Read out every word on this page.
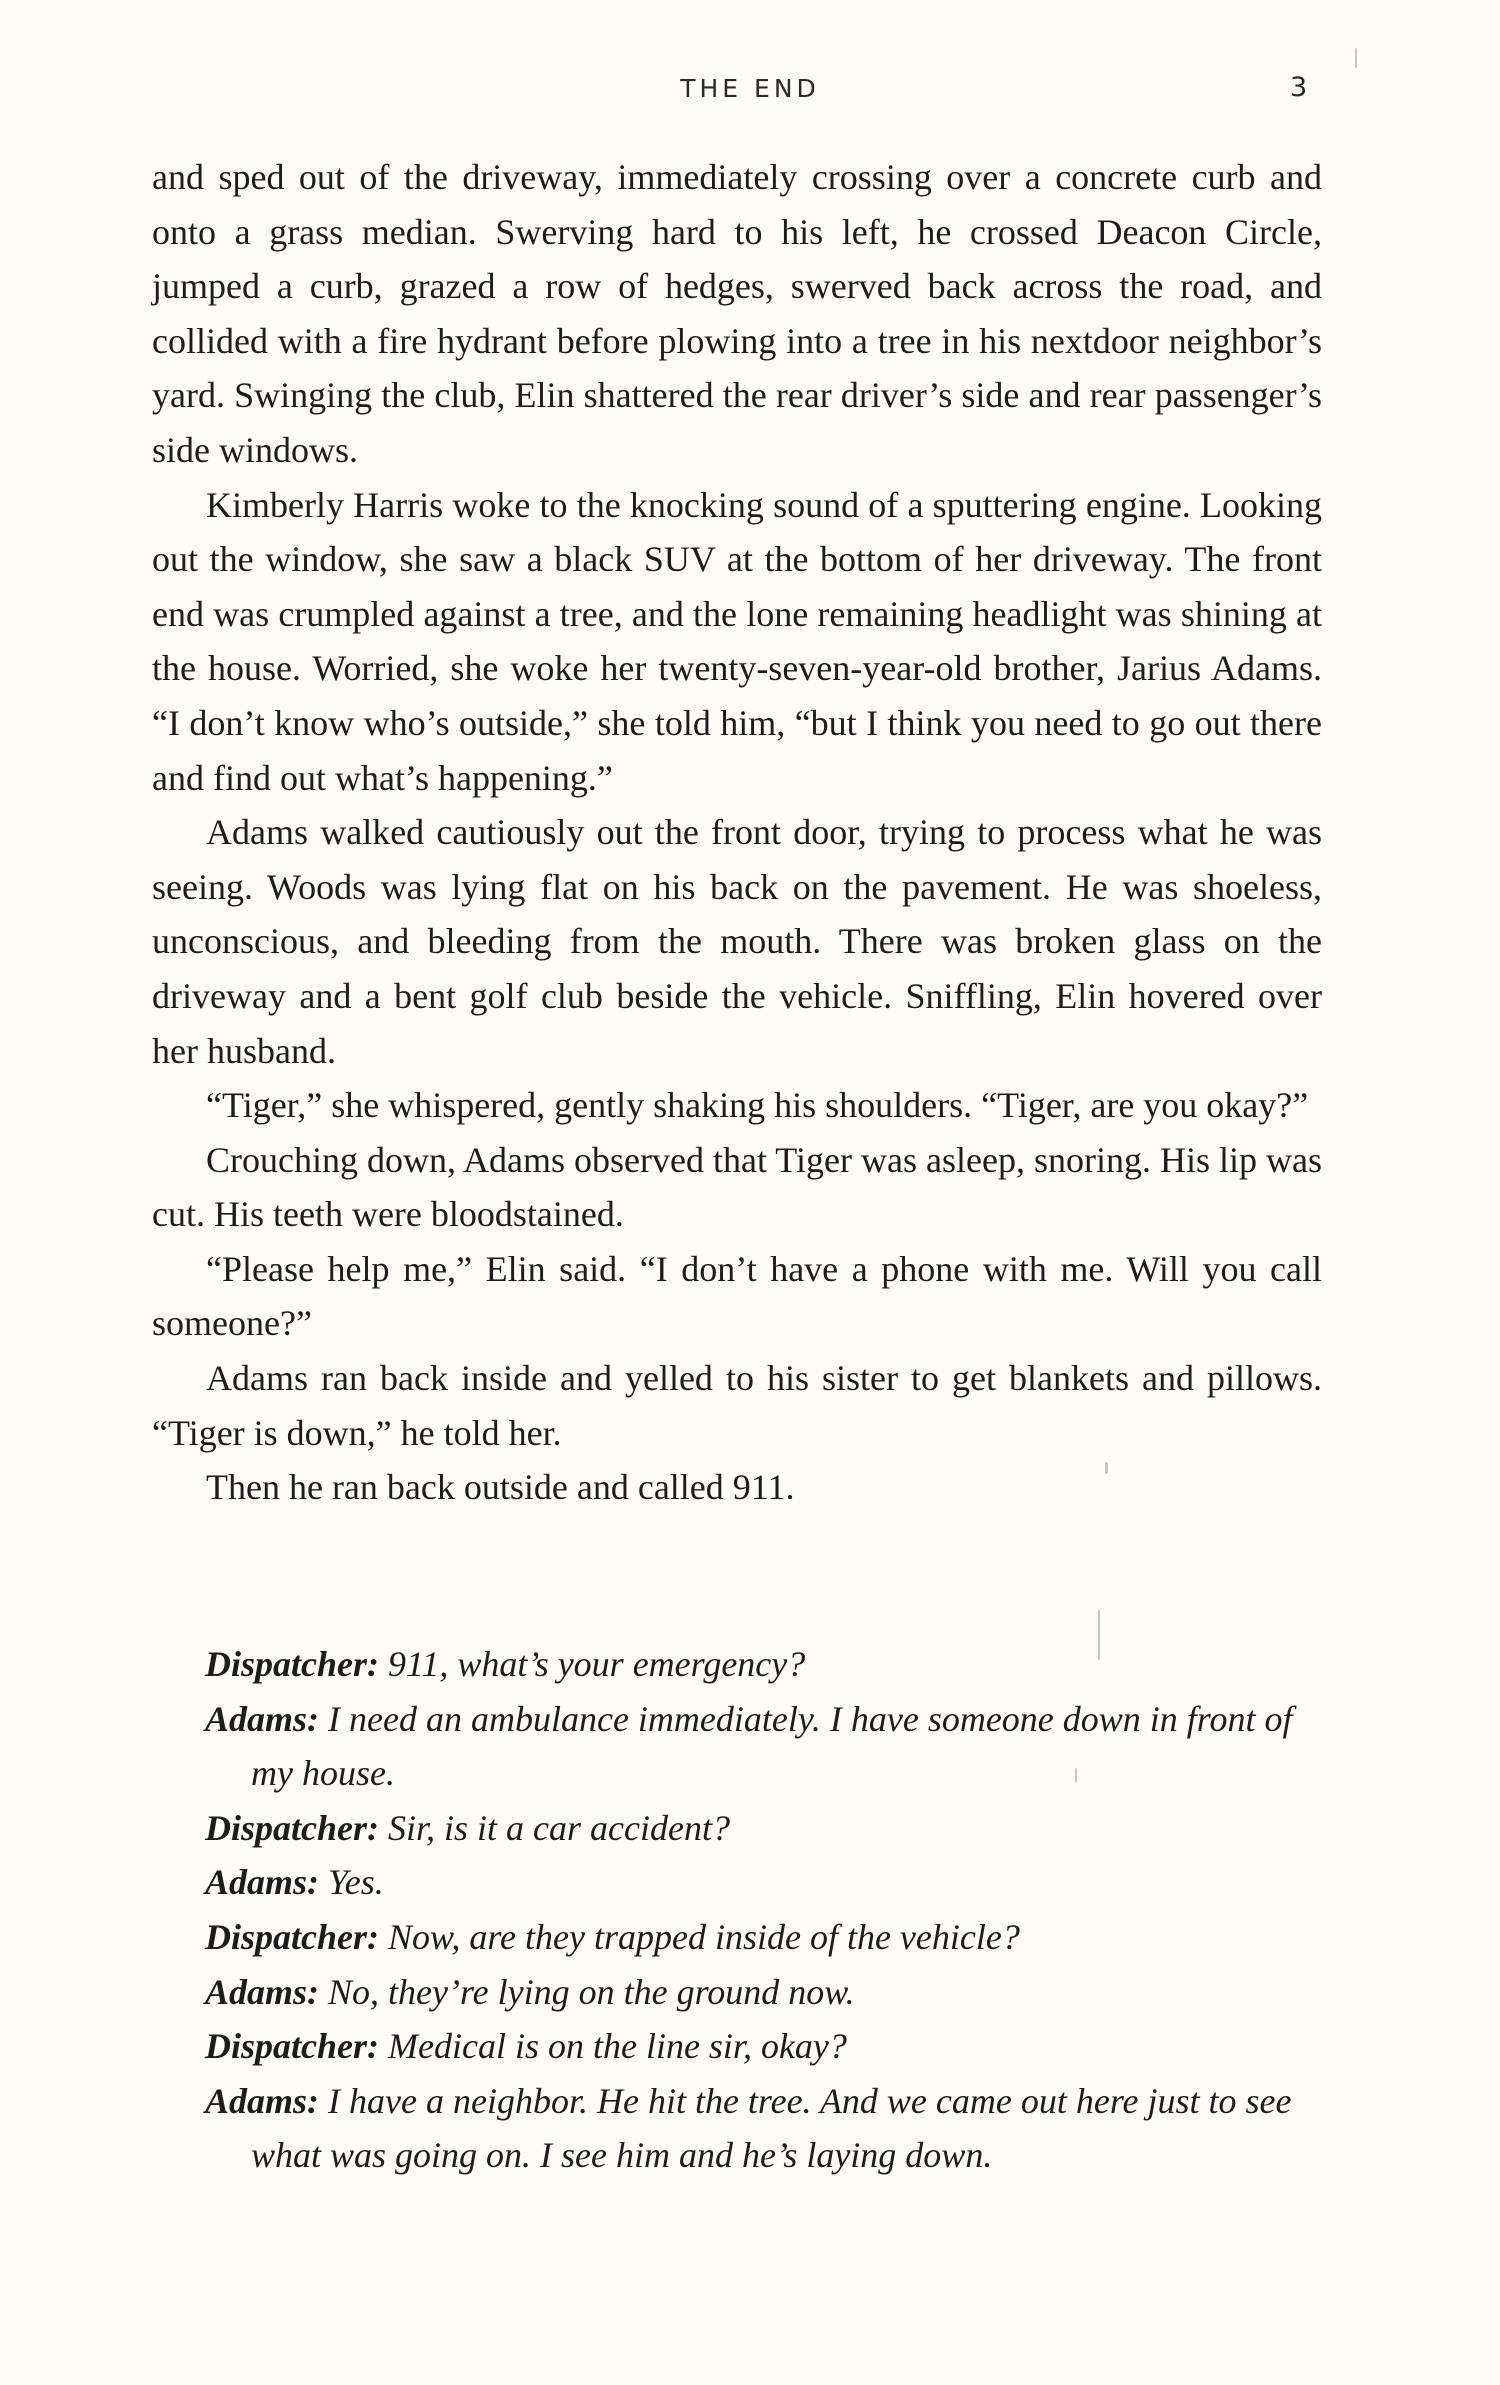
THE END	3

and sped out of the driveway, immediately crossing over a concrete curb and onto a grass median. Swerving hard to his left, he crossed Deacon Circle, jumped a curb, grazed a row of hedges, swerved back across the road, and collided with a fire hydrant before plowing into a tree in his nextdoor neighbor’s yard. Swinging the club, Elin shattered the rear driver’s side and rear passenger’s side windows.

Kimberly Harris woke to the knocking sound of a sputtering engine. Looking out the window, she saw a black SUV at the bottom of her driveway. The front end was crumpled against a tree, and the lone remaining headlight was shining at the house. Worried, she woke her twenty-seven-year-old brother, Jarius Adams. “I don’t know who’s outside,” she told him, “but I think you need to go out there and find out what’s happening.”

Adams walked cautiously out the front door, trying to process what he was seeing. Woods was lying flat on his back on the pavement. He was shoeless, unconscious, and bleeding from the mouth. There was broken glass on the driveway and a bent golf club beside the vehicle. Sniffling, Elin hovered over her husband.

“Tiger,” she whispered, gently shaking his shoulders. “Tiger, are you okay?”

Crouching down, Adams observed that Tiger was asleep, snoring. His lip was cut. His teeth were bloodstained.

“Please help me,” Elin said. “I don’t have a phone with me. Will you call someone?”

Adams ran back inside and yelled to his sister to get blankets and pillows. “Tiger is down,” he told her.

Then he ran back outside and called 911.

Dispatcher: 911, what’s your emergency?
Adams: I need an ambulance immediately. I have someone down in front of my house.
Dispatcher: Sir, is it a car accident?
Adams: Yes.
Dispatcher: Now, are they trapped inside of the vehicle?
Adams: No, they’re lying on the ground now.
Dispatcher: Medical is on the line sir, okay?
Adams: I have a neighbor. He hit the tree. And we came out here just to see what was going on. I see him and he’s laying down.
